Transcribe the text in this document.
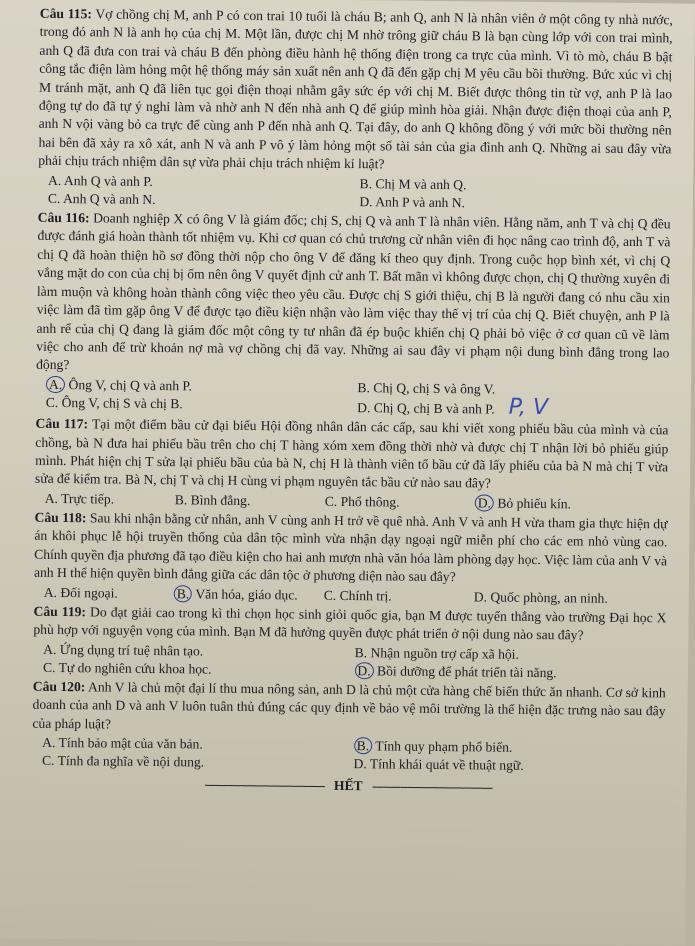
Câu 115: Vợ chồng chị M, anh P có con trai 10 tuổi là cháu B; anh Q, anh N là nhân viên ở một công ty nhà nước, trong đó anh N là anh họ của chị M. Một lần, được chị M nhờ trông giữ cháu B là bạn cùng lớp với con trai mình, anh Q đã đưa con trai và cháu B đến phòng điều hành hệ thống điện trong ca trực của mình. Vì tò mò, cháu B bật công tắc điện làm hỏng một hệ thống máy sản xuất nên anh Q đã đến gặp chị M yêu cầu bồi thường. Bức xúc vì chị M tránh mặt, anh Q đã liên tục gọi điện thoại nhằm gây sức ép với chị M. Biết được thông tin từ vợ, anh P là lao động tự do đã tự ý nghỉ làm và nhờ anh N đến nhà anh Q để giúp mình hòa giải. Nhận được điện thoại của anh P, anh N vội vàng bỏ ca trực để cùng anh P đến nhà anh Q. Tại đây, do anh Q không đồng ý với mức bồi thường nên hai bên đã xảy ra xô xát, anh N và anh P vô ý làm hỏng một số tài sản của gia đình anh Q. Những ai sau đây vừa phải chịu trách nhiệm dân sự vừa phải chịu trách nhiệm kỉ luật?

A. Anh Q và anh P.	B. Chị M và anh Q.
C. Anh Q và anh N.	D. Anh P và anh N.

Câu 116: Doanh nghiệp X có ông V là giám đốc; chị S, chị Q và anh T là nhân viên. Hằng năm, anh T và chị Q đều được đánh giá hoàn thành tốt nhiệm vụ. Khi cơ quan có chủ trương cử nhân viên đi học nâng cao trình độ, anh T và chị Q đã hoàn thiện hồ sơ đồng thời nộp cho ông V để đăng kí theo quy định. Trong cuộc họp bình xét, vì chị Q vắng mặt do con của chị bị ốm nên ông V quyết định cử anh T. Bất mãn vì không được chọn, chị Q thường xuyên đi làm muộn và không hoàn thành công việc theo yêu cầu. Được chị S giới thiệu, chị B là người đang có nhu cầu xin việc làm đã tìm gặp ông V để được tạo điều kiện nhận vào làm việc thay thế vị trí của chị Q. Biết chuyện, anh P là anh rể của chị Q đang là giám đốc một công ty tư nhân đã ép buộc khiến chị Q phải bỏ việc ở cơ quan cũ về làm việc cho anh để trừ khoản nợ mà vợ chồng chị đã vay. Những ai sau đây vi phạm nội dung bình đẳng trong lao động?

A. Ông V, chị Q và anh P.	B. Chị Q, chị S và ông V.
C. Ông V, chị S và chị B.	D. Chị Q, chị B và anh P. P, V

Câu 117: Tại một điểm bầu cử đại biểu Hội đồng nhân dân các cấp, sau khi viết xong phiếu bầu của mình và của chồng, bà N đưa hai phiếu bầu trên cho chị T hàng xóm xem đồng thời nhờ và được chị T nhận lời bỏ phiếu giúp mình. Phát hiện chị T sửa lại phiếu bầu của bà N, chị H là thành viên tổ bầu cử đã lấy phiếu của bà N mà chị T vừa sửa để kiểm tra. Bà N, chị T và chị H cùng vi phạm nguyên tắc bầu cử nào sau đây?

A. Trực tiếp.	B. Bình đẳng.	C. Phổ thông.	D. Bỏ phiếu kín.

Câu 118: Sau khi nhận bằng cử nhân, anh V cùng anh H trở về quê nhà. Anh V và anh H vừa tham gia thực hiện dự án khôi phục lễ hội truyền thống của dân tộc mình vừa nhận dạy ngoại ngữ miễn phí cho các em nhỏ vùng cao. Chính quyền địa phương đã tạo điều kiện cho hai anh mượn nhà văn hóa làm phòng dạy học. Việc làm của anh V và anh H thể hiện quyền bình đẳng giữa các dân tộc ở phương diện nào sau đây?

A. Đối ngoại.	B. Văn hóa, giáo dục.	C. Chính trị.	D. Quốc phòng, an ninh.

Câu 119: Do đạt giải cao trong kì thi chọn học sinh giỏi quốc gia, bạn M được tuyển thẳng vào trường Đại học X phù hợp với nguyện vọng của mình. Bạn M đã hưởng quyền được phát triển ở nội dung nào sau đây?

A. Ứng dụng trí tuệ nhân tạo.	B. Nhận nguồn trợ cấp xã hội.
C. Tự do nghiên cứu khoa học.	D. Bồi dưỡng để phát triển tài năng.

Câu 120: Anh V là chủ một đại lí thu mua nông sản, anh D là chủ một cửa hàng chế biến thức ăn nhanh. Cơ sở kinh doanh của anh D và anh V luôn tuân thủ đúng các quy định về bảo vệ môi trường là thể hiện đặc trưng nào sau đây của pháp luật?

A. Tính bảo mật của văn bản.	B. Tính quy phạm phổ biến.
C. Tính đa nghĩa về nội dung.	D. Tính khái quát về thuật ngữ.
---------------------------------- HẾT ----------------------------------
